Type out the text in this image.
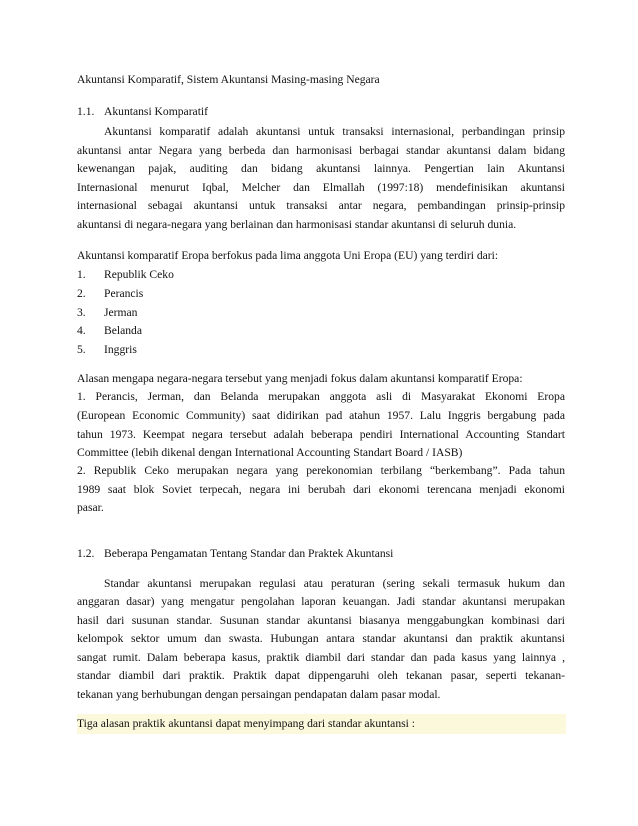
Akuntansi Komparatif, Sistem Akuntansi Masing-masing Negara

1.1. Akuntansi Komparatif

Akuntansi komparatif adalah akuntansi untuk transaksi internasional, perbandingan prinsip

akuntansi antar Negara yang berbeda dan harmonisasi berbagai standar akuntansi dalam bidang

kewenangan pajak, auditing dan bidang akuntansi lainnya. Pengertian lain Akuntansi

Internasional menurut Iqbal, Melcher dan Elmallah (1997:18) mendefinisikan akuntansi

internasional sebagai akuntansi untuk transaksi antar negara, pembandingan prinsip-prinsip

akuntansi di negara-negara yang berlainan dan harmonisasi standar akuntansi di seluruh dunia.

Akuntansi komparatif Eropa berfokus pada lima anggota Uni Eropa (EU) yang terdiri dari:

1. Republik Ceko

2. Perancis

3. Jerman

4. Belanda

5. Inggris

Alasan mengapa negara-negara tersebut yang menjadi fokus dalam akuntansi komparatif Eropa:

1. Perancis, Jerman, dan Belanda merupakan anggota asli di Masyarakat Ekonomi Eropa

(European Economic Community) saat didirikan pad atahun 1957. Lalu Inggris bergabung pada

tahun 1973. Keempat negara tersebut adalah beberapa pendiri International Accounting Standart

Committee (lebih dikenal dengan International Accounting Standart Board / IASB)

2. Republik Ceko merupakan negara yang perekonomian terbilang “berkembang”. Pada tahun

1989 saat blok Soviet terpecah, negara ini berubah dari ekonomi terencana menjadi ekonomi

pasar.

1.2. Beberapa Pengamatan Tentang Standar dan Praktek Akuntansi

Standar akuntansi merupakan regulasi atau peraturan (sering sekali termasuk hukum dan

anggaran dasar) yang mengatur pengolahan laporan keuangan. Jadi standar akuntansi merupakan

hasil dari susunan standar. Susunan standar akuntansi biasanya menggabungkan kombinasi dari

kelompok sektor umum dan swasta. Hubungan antara standar akuntansi dan praktik akuntansi

sangat rumit. Dalam beberapa kasus, praktik diambil dari standar dan pada kasus yang lainnya ,

standar diambil dari praktik. Praktik dapat dippengaruhi oleh tekanan pasar, seperti tekanan-

tekanan yang berhubungan dengan persaingan pendapatan dalam pasar modal.

Tiga alasan praktik akuntansi dapat menyimpang dari standar akuntansi :
